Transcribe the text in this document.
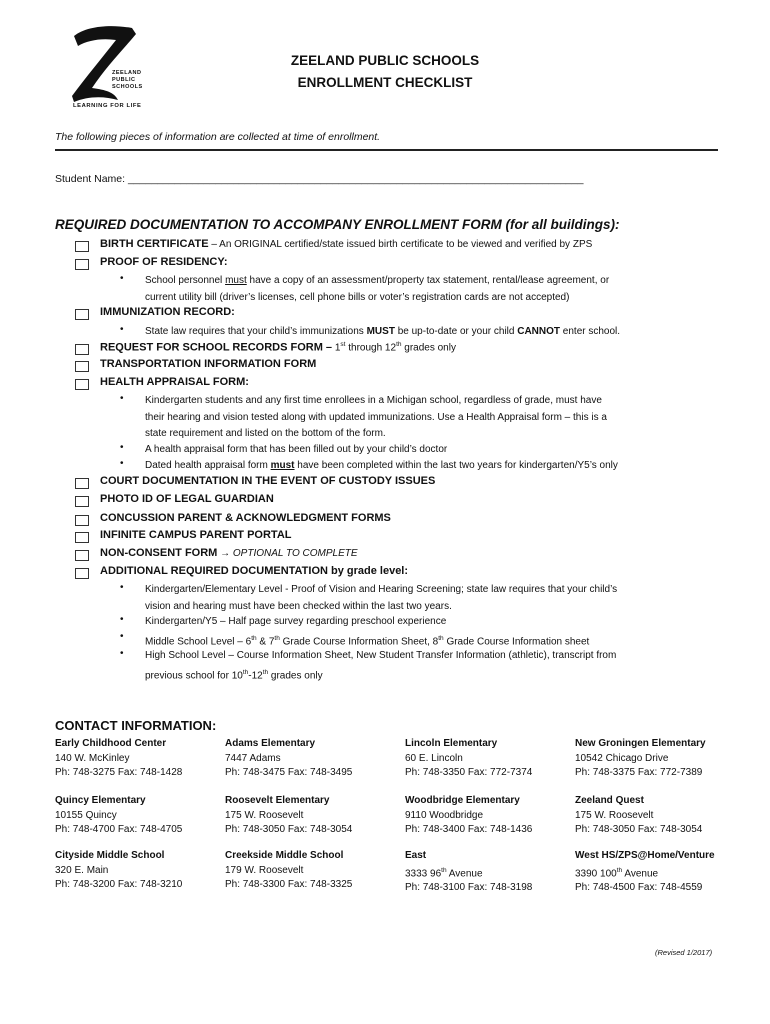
ZEELAND
PUBLIC
SCHOOLS
LEARNING FOR LIFE
ZEELAND PUBLIC SCHOOLS
ENROLLMENT CHECKLIST
The following pieces of information are collected at time of enrollment.
Student Name: ______________________________________________________________________________
REQUIRED DOCUMENTATION TO ACCOMPANY ENROLLMENT FORM (for all buildings):
BIRTH CERTIFICATE – An ORIGINAL certified/state issued birth certificate to be viewed and verified by ZPS
PROOF OF RESIDENCY:
• School personnel must have a copy of an assessment/property tax statement, rental/lease agreement, or
current utility bill (driver’s licenses, cell phone bills or voter’s registration cards are not accepted)
IMMUNIZATION RECORD:
• State law requires that your child’s immunizations MUST be up-to-date or your child CANNOT enter school.
REQUEST FOR SCHOOL RECORDS FORM – 1st through 12th grades only
TRANSPORTATION INFORMATION FORM
HEALTH APPRAISAL FORM:
• Kindergarten students and any first time enrollees in a Michigan school, regardless of grade, must have
their hearing and vision tested along with updated immunizations. Use a Health Appraisal form – this is a
state requirement and listed on the bottom of the form.
• A health appraisal form that has been filled out by your child’s doctor
• Dated health appraisal form must have been completed within the last two years for kindergarten/Y5’s only
COURT DOCUMENTATION IN THE EVENT OF CUSTODY ISSUES
PHOTO ID OF LEGAL GUARDIAN
CONCUSSION PARENT & ACKNOWLEDGMENT FORMS
INFINITE CAMPUS PARENT PORTAL
NON-CONSENT FORM → OPTIONAL TO COMPLETE
ADDITIONAL REQUIRED DOCUMENTATION by grade level:
• Kindergarten/Elementary Level - Proof of Vision and Hearing Screening; state law requires that your child’s
vision and hearing must have been checked within the last two years.
• Kindergarten/Y5 – Half page survey regarding preschool experience
• Middle School Level – 6th & 7th Grade Course Information Sheet, 8th Grade Course Information sheet
• High School Level – Course Information Sheet, New Student Transfer Information (athletic), transcript from
previous school for 10th-12th grades only
CONTACT INFORMATION:
Early Childhood Center
140 W. McKinley
Ph: 748-3275 Fax: 748-1428
Adams Elementary
7447 Adams
Ph: 748-3475 Fax: 748-3495
Lincoln Elementary
60 E. Lincoln
Ph: 748-3350 Fax: 772-7374
New Groningen Elementary
10542 Chicago Drive
Ph: 748-3375 Fax: 772-7389
Quincy Elementary
10155 Quincy
Ph: 748-4700 Fax: 748-4705
Roosevelt Elementary
175 W. Roosevelt
Ph: 748-3050 Fax: 748-3054
Woodbridge Elementary
9110 Woodbridge
Ph: 748-3400 Fax: 748-1436
Zeeland Quest
175 W. Roosevelt
Ph: 748-3050 Fax: 748-3054
Cityside Middle School
320 E. Main
Ph: 748-3200 Fax: 748-3210
Creekside Middle School
179 W. Roosevelt
Ph: 748-3300 Fax: 748-3325
East
3333 96th Avenue
Ph: 748-3100 Fax: 748-3198
West HS/ZPS@Home/Venture
3390 100th Avenue
Ph: 748-4500 Fax: 748-4559
(Revised 1/2017)
